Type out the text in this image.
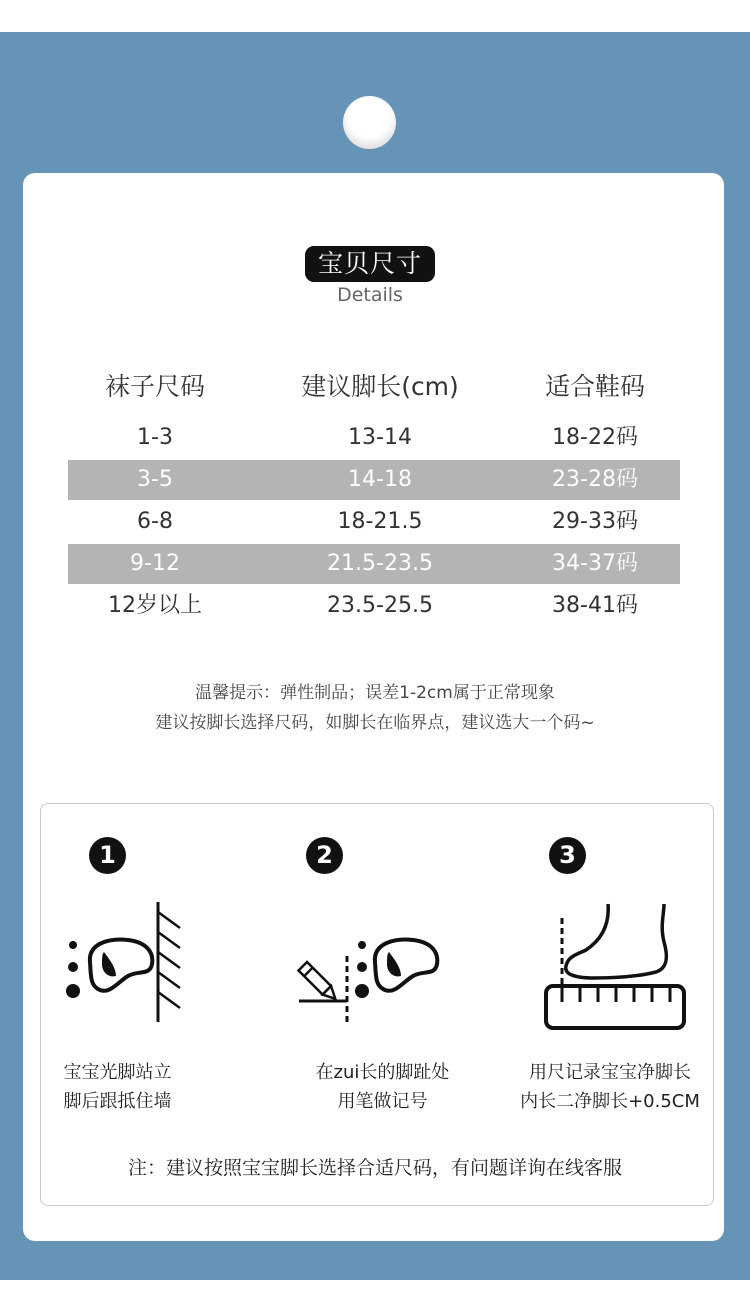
宝贝尺寸
Details
袜子尺码	建议脚长(cm)	适合鞋码
1-3	13-14	18-22码
3-5	14-18	23-28码
6-8	18-21.5	29-33码
9-12	21.5-23.5	34-37码
12岁以上	23.5-25.5	38-41码
温馨提示：弹性制品；误差1-2cm属于正常现象
建议按脚长选择尺码，如脚长在临界点，建议选大一个码~
1	2	3
宝宝光脚站立
脚后跟抵住墙
在zui长的脚趾处
用笔做记号
用尺记录宝宝净脚长
内长二净脚长+0.5CM
注：建议按照宝宝脚长选择合适尺码，有问题详询在线客服
